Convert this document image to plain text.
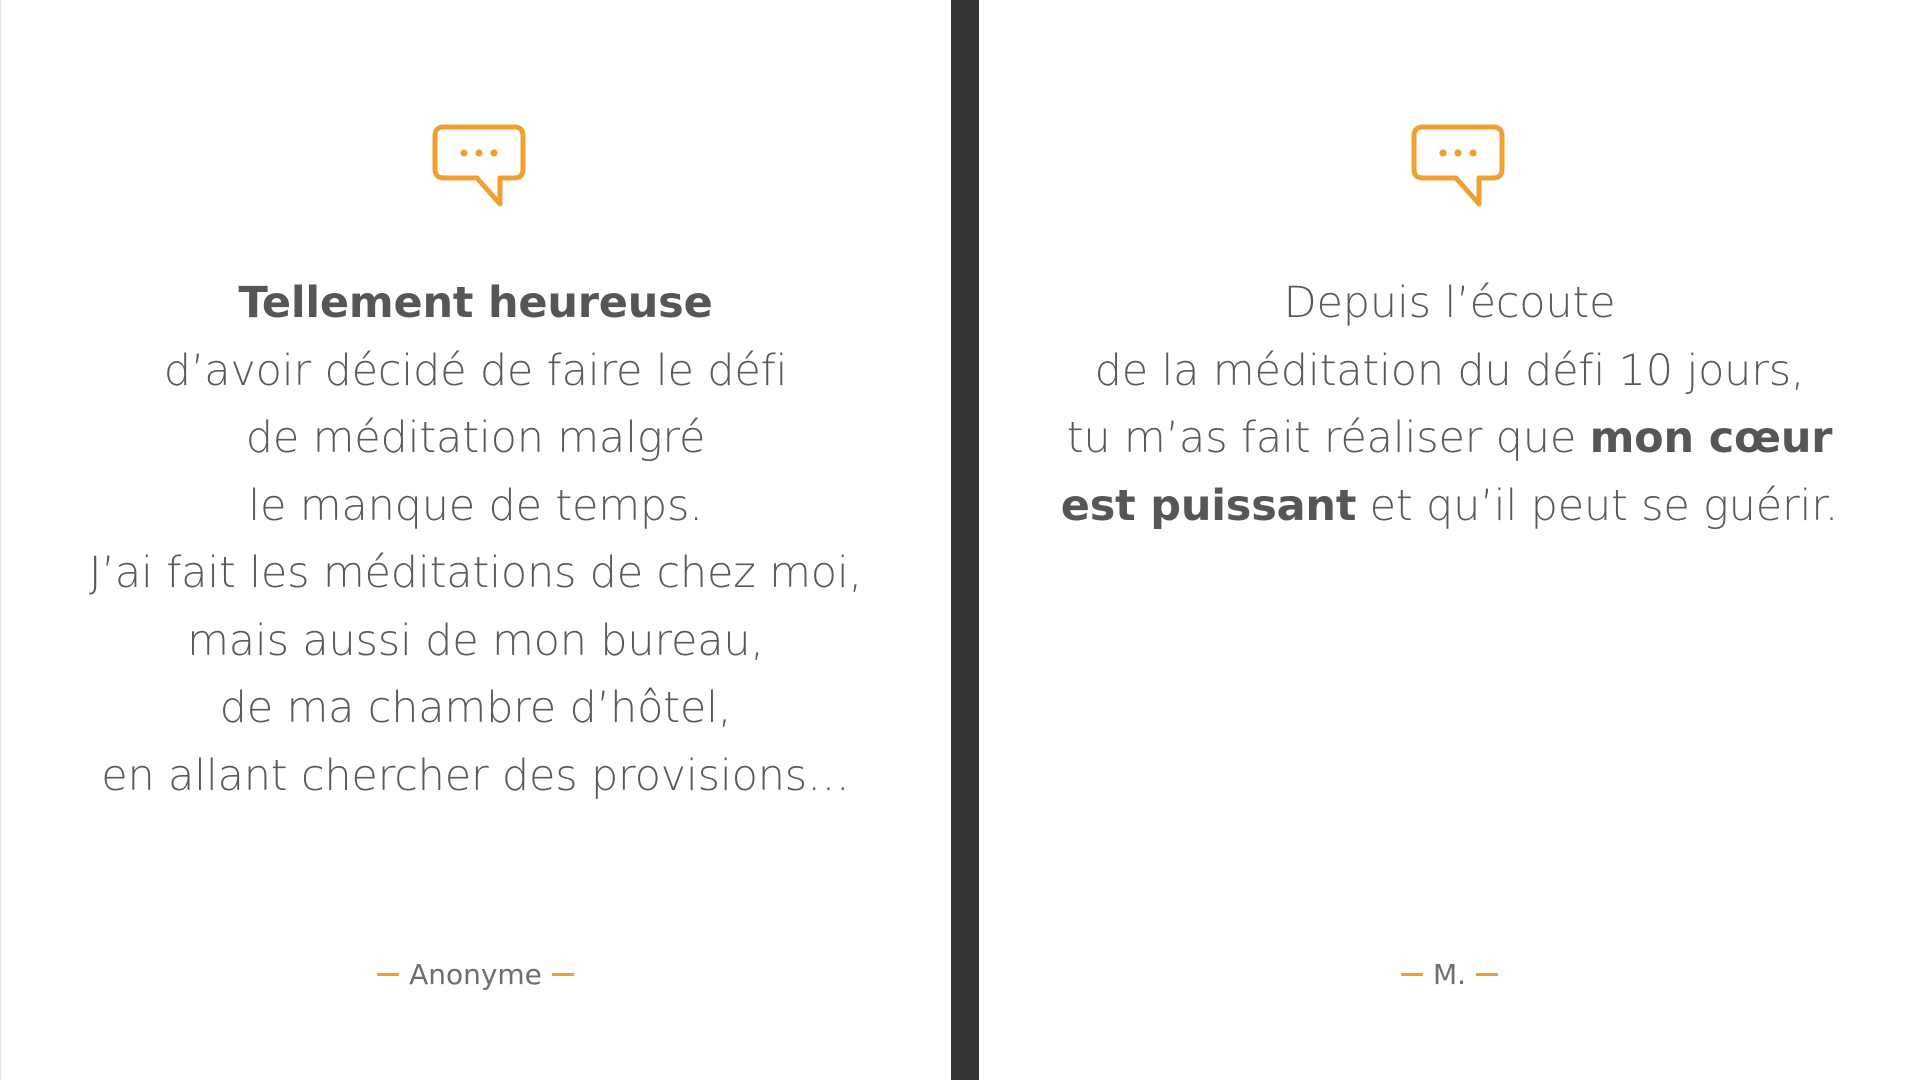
Tellement heureuse
d’avoir décidé de faire le défi
de méditation malgré
le manque de temps.
J’ai fait les méditations de chez moi,
mais aussi de mon bureau,
de ma chambre d’hôtel,
en allant chercher des provisions…

Anonyme

Depuis l’écoute
de la méditation du défi 10 jours,
tu m’as fait réaliser que mon cœur
est puissant et qu’il peut se guérir.

M.
